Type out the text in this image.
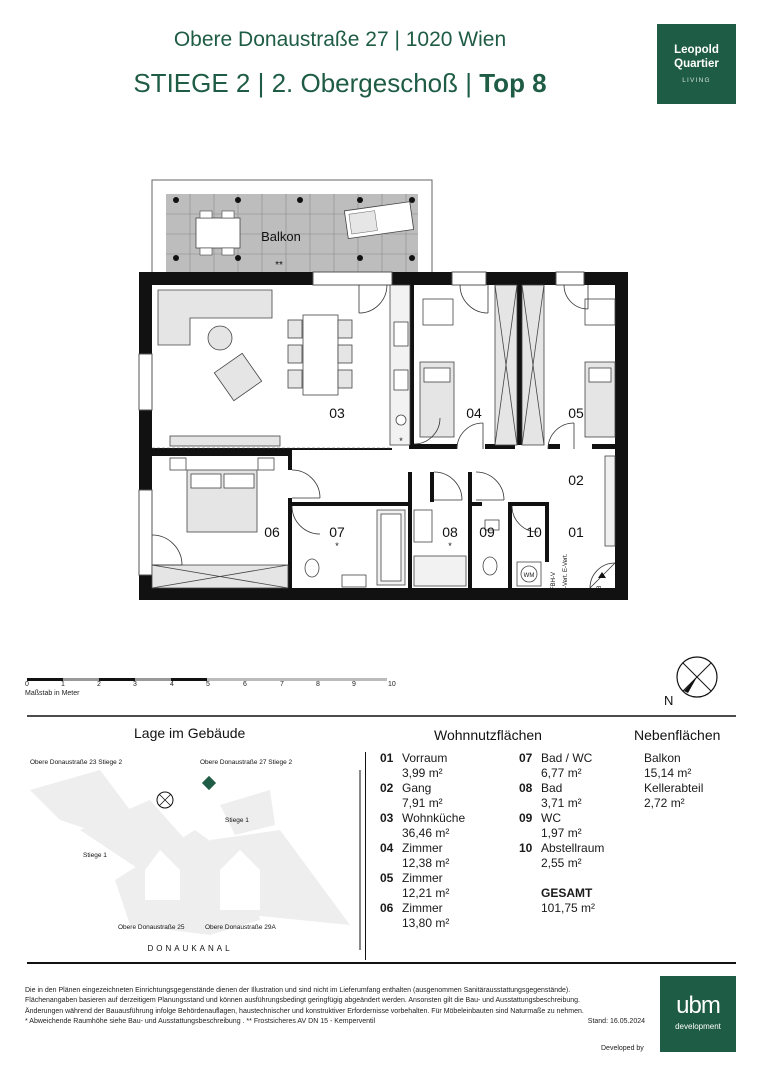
Obere Donaustraße 27 | 1020 Wien
STIEGE 2 | 2. Obergeschoß | Top 8
Leopold
Quartier
LIVING
Balkon
**
03	04	05
02
06	07	08 09 10 01
*	*
*
FBH-V E-Vert. E-Vert.
WM
2/8
N
0	1	2	3	4	5	6	7	8	9	10
Maßstab in Meter
Lage im Gebäude
Obere Donaustraße 23 Stiege 2	Obere Donaustraße 27 Stiege 2
Stiege 1
Stiege 1
Obere Donaustraße 25	Obere Donaustraße 29A
DONAUKANAL
Wohnnutzflächen
01 Vorraum
3,99 m²
02 Gang
7,91 m²
03 Wohnküche
36,46 m²
04 Zimmer
12,38 m²
05 Zimmer
12,21 m²
06 Zimmer
13,80 m²
07 Bad / WC
6,77 m²
08 Bad
3,71 m²
09 WC
1,97 m²
10 Abstellraum
2,55 m²
GESAMT
101,75 m²
Nebenflächen
Balkon
15,14 m²
Kellerabteil
2,72 m²
Die in den Plänen eingezeichneten Einrichtungsgegenstände dienen der Illustration und sind nicht im Lieferumfang enthalten (ausgenommen Sanitärausstattungsgegenstände).
Flächenangaben basieren auf derzeitigem Planungsstand und können ausführungsbedingt geringfügig abgeändert werden. Ansonsten gilt die Bau- und Ausstattungsbeschreibung.
Änderungen während der Bauausführung infolge Behördenauflagen, haustechnischer und konstruktiver Erfordernisse vorbehalten. Für Möbeleinbauten sind Naturmaße zu nehmen.
* Abweichende Raumhöhe siehe Bau- und Ausstattungsbeschreibung . ** Frostsicheres AV DN 15 - Kemperventil	Stand: 16.05.2024
Developed by
ubm
development
